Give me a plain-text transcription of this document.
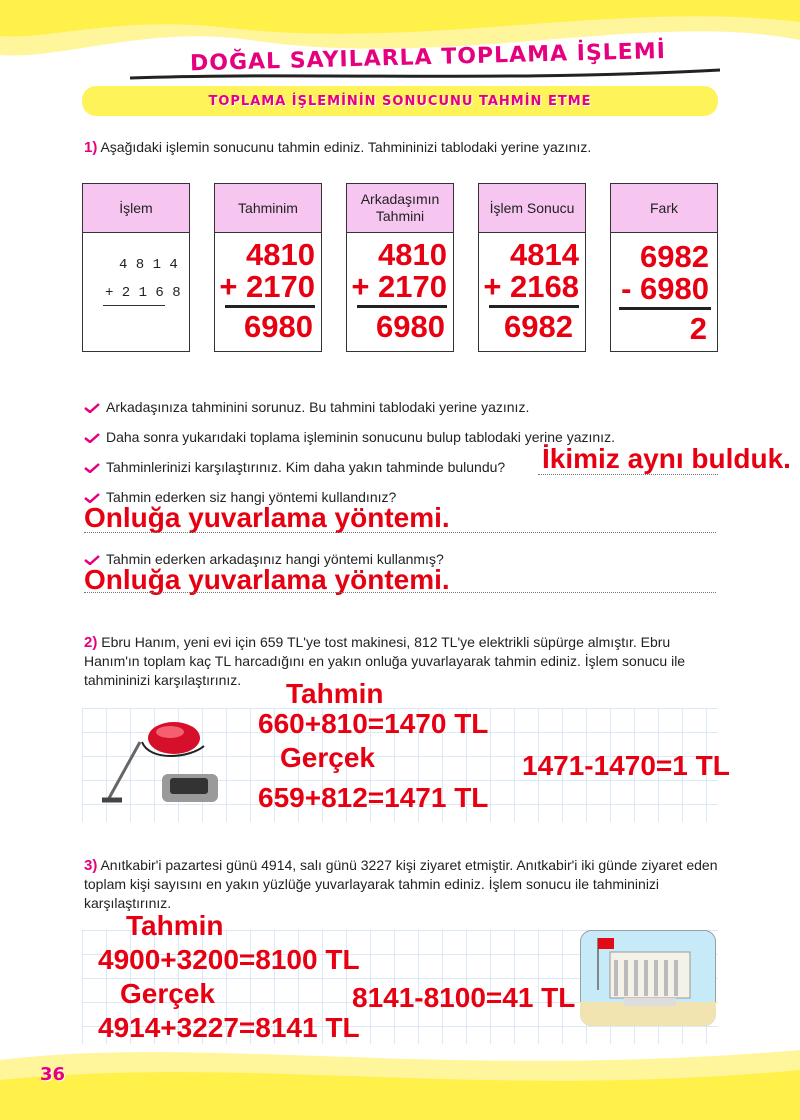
DOĞAL SAYILARLA TOPLAMA İŞLEMİ
TOPLAMA İŞLEMİNİN SONUCUNU TAHMİN ETME
1) Aşağıdaki işlemin sonucunu tahmin ediniz. Tahmininizi tablodaki yerine yazınız.
İşlem
4 8 1 4
+ 2 1 6 8
Tahminim
4810
+ 2170
6980
Arkadaşımın Tahmini
4810
+ 2170
6980
İşlem Sonucu
4814
+ 2168
6982
Fark
6982
- 6980
2
Arkadaşınıza tahminini sorunuz. Bu tahmini tablodaki yerine yazınız.
Daha sonra yukarıdaki toplama işleminin sonucunu bulup tablodaki yerine yazınız.
Tahminlerinizi karşılaştırınız. Kim daha yakın tahminde bulundu? İkimiz aynı bulduk.
Tahmin ederken siz hangi yöntemi kullandınız?
Onluğa yuvarlama yöntemi.
Tahmin ederken arkadaşınız hangi yöntemi kullanmış?
Onluğa yuvarlama yöntemi.
2) Ebru Hanım, yeni evi için 659 TL'ye tost makinesi, 812 TL'ye elektrikli süpürge almıştır. Ebru Hanım'ın toplam kaç TL harcadığını en yakın onluğa yuvarlayarak tahmin ediniz. İşlem sonucu ile tahmininizi karşılaştırınız.	Tahmin
660+810=1470 TL
Gerçek
659+812=1471 TL
1471-1470=1 TL
3) Anıtkabir'i pazartesi günü 4914, salı günü 3227 kişi ziyaret etmiştir. Anıtkabir'i iki günde ziyaret eden toplam kişi sayısını en yakın yüzlüğe yuvarlayarak tahmin ediniz. İşlem sonucu ile tahmininizi karşılaştırınız.
Tahmin
4900+3200=8100 TL
Gerçek
4914+3227=8141 TL
8141-8100=41 TL
36
